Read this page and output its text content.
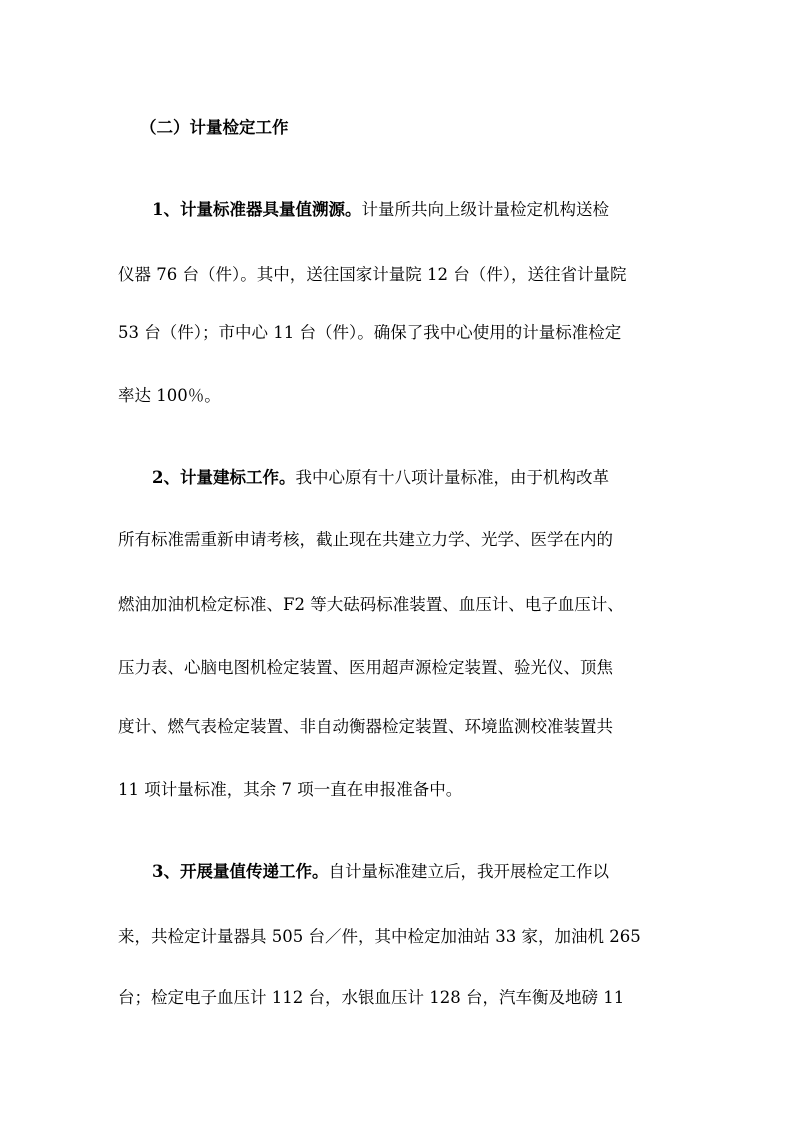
（二）计量检定工作
1、计量标准器具量值溯源。计量所共向上级计量检定机构送检
仪器 76 台（件）。其中，送往国家计量院 12 台（件），送往省计量院
53 台（件）；市中心 11 台（件）。确保了我中心使用的计量标准检定
率达 100％。
2、计量建标工作。我中心原有十八项计量标准，由于机构改革
所有标准需重新申请考核，截止现在共建立力学、光学、医学在内的
燃油加油机检定标准、F2 等大砝码标准装置、血压计、电子血压计、
压力表、心脑电图机检定装置、医用超声源检定装置、验光仪、顶焦
度计、燃气表检定装置、非自动衡器检定装置、环境监测校准装置共
11 项计量标准，其余 7 项一直在申报准备中。
3、开展量值传递工作。自计量标准建立后，我开展检定工作以
来，共检定计量器具 505 台／件，其中检定加油站 33 家，加油机 265
台；检定电子血压计 112 台，水银血压计 128 台，汽车衡及地磅 11
